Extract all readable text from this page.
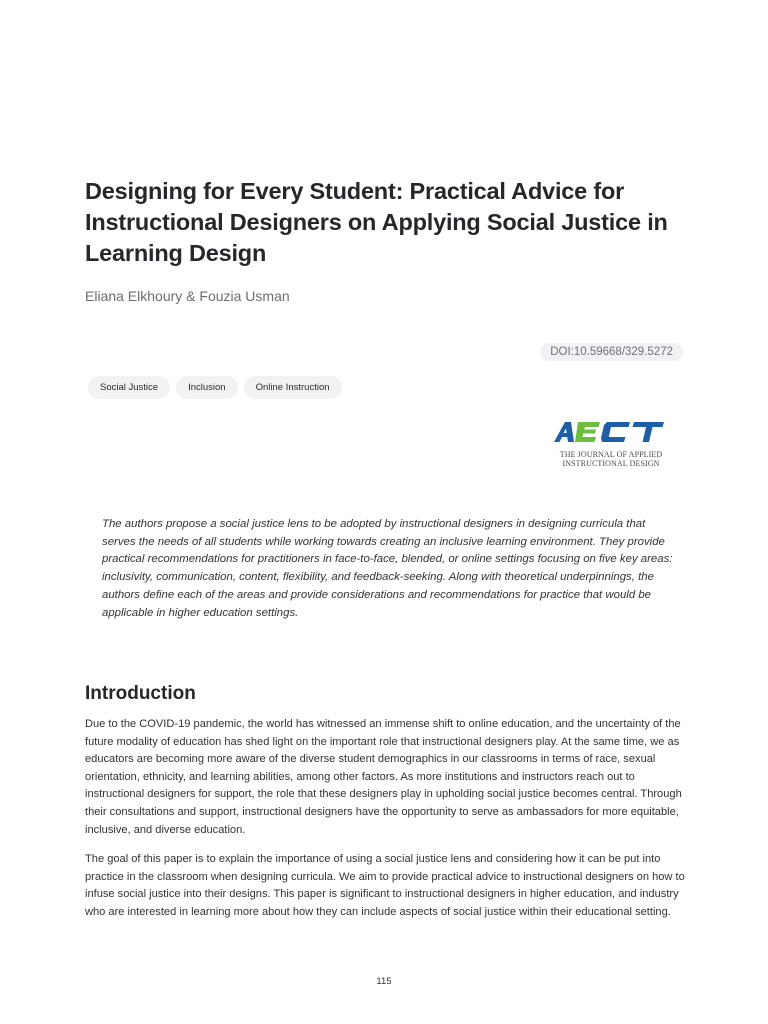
Designing for Every Student: Practical Advice for Instructional Designers on Applying Social Justice in Learning Design

Eliana Elkhoury & Fouzia Usman

DOI:10.59668/329.5272
Social Justice	Inclusion	Online Instruction
THE JOURNAL OF APPLIED
INSTRUCTIONAL DESIGN

The authors propose a social justice lens to be adopted by instructional designers in designing curricula that serves the needs of all students while working towards creating an inclusive learning environment. They provide practical recommendations for practitioners in face-to-face, blended, or online settings focusing on five key areas: inclusivity, communication, content, flexibility, and feedback-seeking. Along with theoretical underpinnings, the authors define each of the areas and provide considerations and recommendations for practice that would be applicable in higher education settings.

Introduction

Due to the COVID-19 pandemic, the world has witnessed an immense shift to online education, and the uncertainty of the future modality of education has shed light on the important role that instructional designers play. At the same time, we as educators are becoming more aware of the diverse student demographics in our classrooms in terms of race, sexual orientation, ethnicity, and learning abilities, among other factors. As more institutions and instructors reach out to instructional designers for support, the role that these designers play in upholding social justice becomes central. Through their consultations and support, instructional designers have the opportunity to serve as ambassadors for more equitable, inclusive, and diverse education.

The goal of this paper is to explain the importance of using a social justice lens and considering how it can be put into practice in the classroom when designing curricula. We aim to provide practical advice to instructional designers on how to infuse social justice into their designs. This paper is significant to instructional designers in higher education, and industry who are interested in learning more about how they can include aspects of social justice within their educational setting.

115
